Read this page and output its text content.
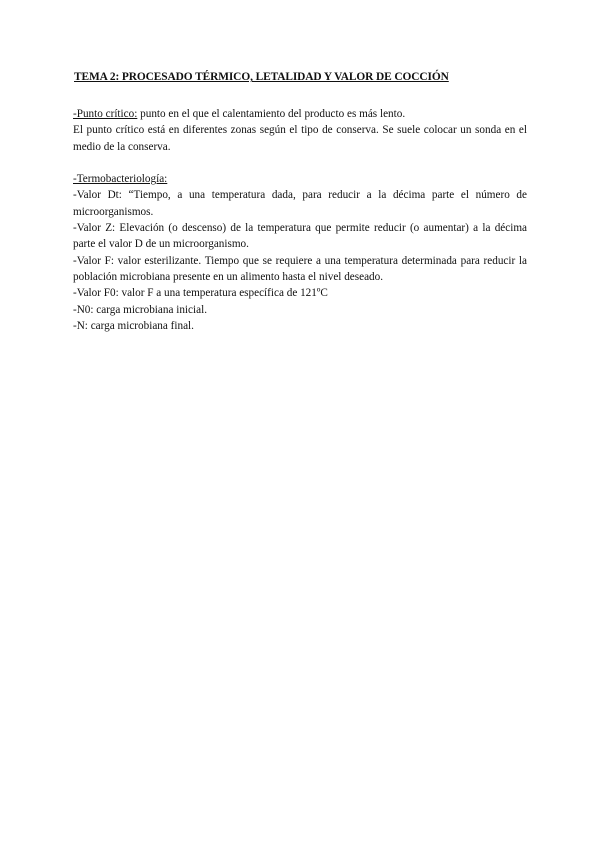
TEMA 2: PROCESADO TÉRMICO, LETALIDAD Y VALOR DE COCCIÓN

-Punto crítico: punto en el que el calentamiento del producto es más lento.

El punto crítico está en diferentes zonas según el tipo de conserva. Se suele colocar un sonda en el medio de la conserva.

-Termobacteriología:

-Valor Dt: “Tiempo, a una temperatura dada, para reducir a la décima parte el número de microorganismos.

-Valor Z: Elevación (o descenso) de la temperatura que permite reducir (o aumentar) a la décima parte el valor D de un microorganismo.

-Valor F: valor esterilizante. Tiempo que se requiere a una temperatura determinada para reducir la población microbiana presente en un alimento hasta el nivel deseado.

-Valor F0: valor F a una temperatura específica de 121ºC

-N0: carga microbiana inicial.

-N: carga microbiana final.
